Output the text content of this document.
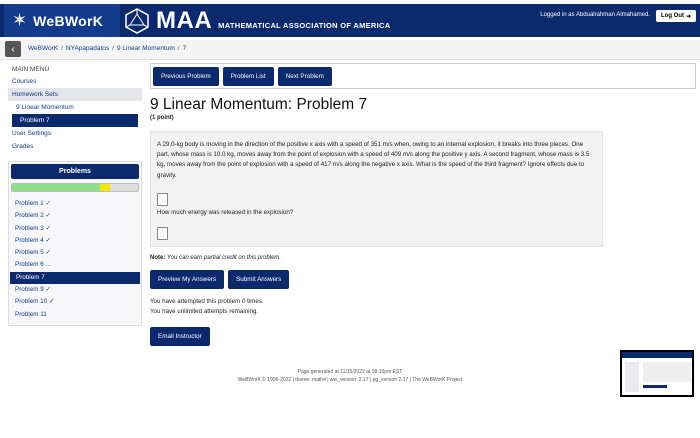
✶ WeBWorK MAA MATHEMATICAL ASSOCIATION OF AMERICA
Logged in as Abdualrahman Almahamed. Log Out ➜
‹ WeBWorK / NYApapadatos / 9 Linear Momentum / 7
MAIN MENU
Courses
Homework Sets
9 Linear Momentum
Problem 7
User Settings
Grades
Problems
Problem 1 ✓
Problem 2 ✓
Problem 3 ✓
Problem 4 ✓
Problem 5 ✓
Problem 6 ...
Problem 7
Problem 9 ✓
Problem 10 ✓
Problem 11
Previous Problem	Problem List	Next Problem
9 Linear Momentum: Problem 7
(1 point)
A 29.0-kg body is moving in the direction of the positive x axis with a speed of 351 m/s when, owing to an internal explosion, it breaks into three pieces. One part, whose mass is 10.0 kg, moves away from the point of explosion with a speed of 409 m/s along the positive y axis. A second fragment, whose mass is 3.5 kg, moves away from the point of explosion with a speed of 417 m/s along the negative x axis. What is the speed of the third fragment? Ignore effects due to gravity.
How much energy was released in the explosion?
Note: You can earn partial credit on this problem.
Preview My Answers	Submit Answers
You have attempted this problem 0 times.
You have unlimited attempts remaining.
Email Instructor
Page generated at 11/15/2022 at 08:10pm EST
WeBWorK © 1996-2022 | theme: math4 | ww_version: 2.17 | pg_version 2.17 | The WeBWorK Project
